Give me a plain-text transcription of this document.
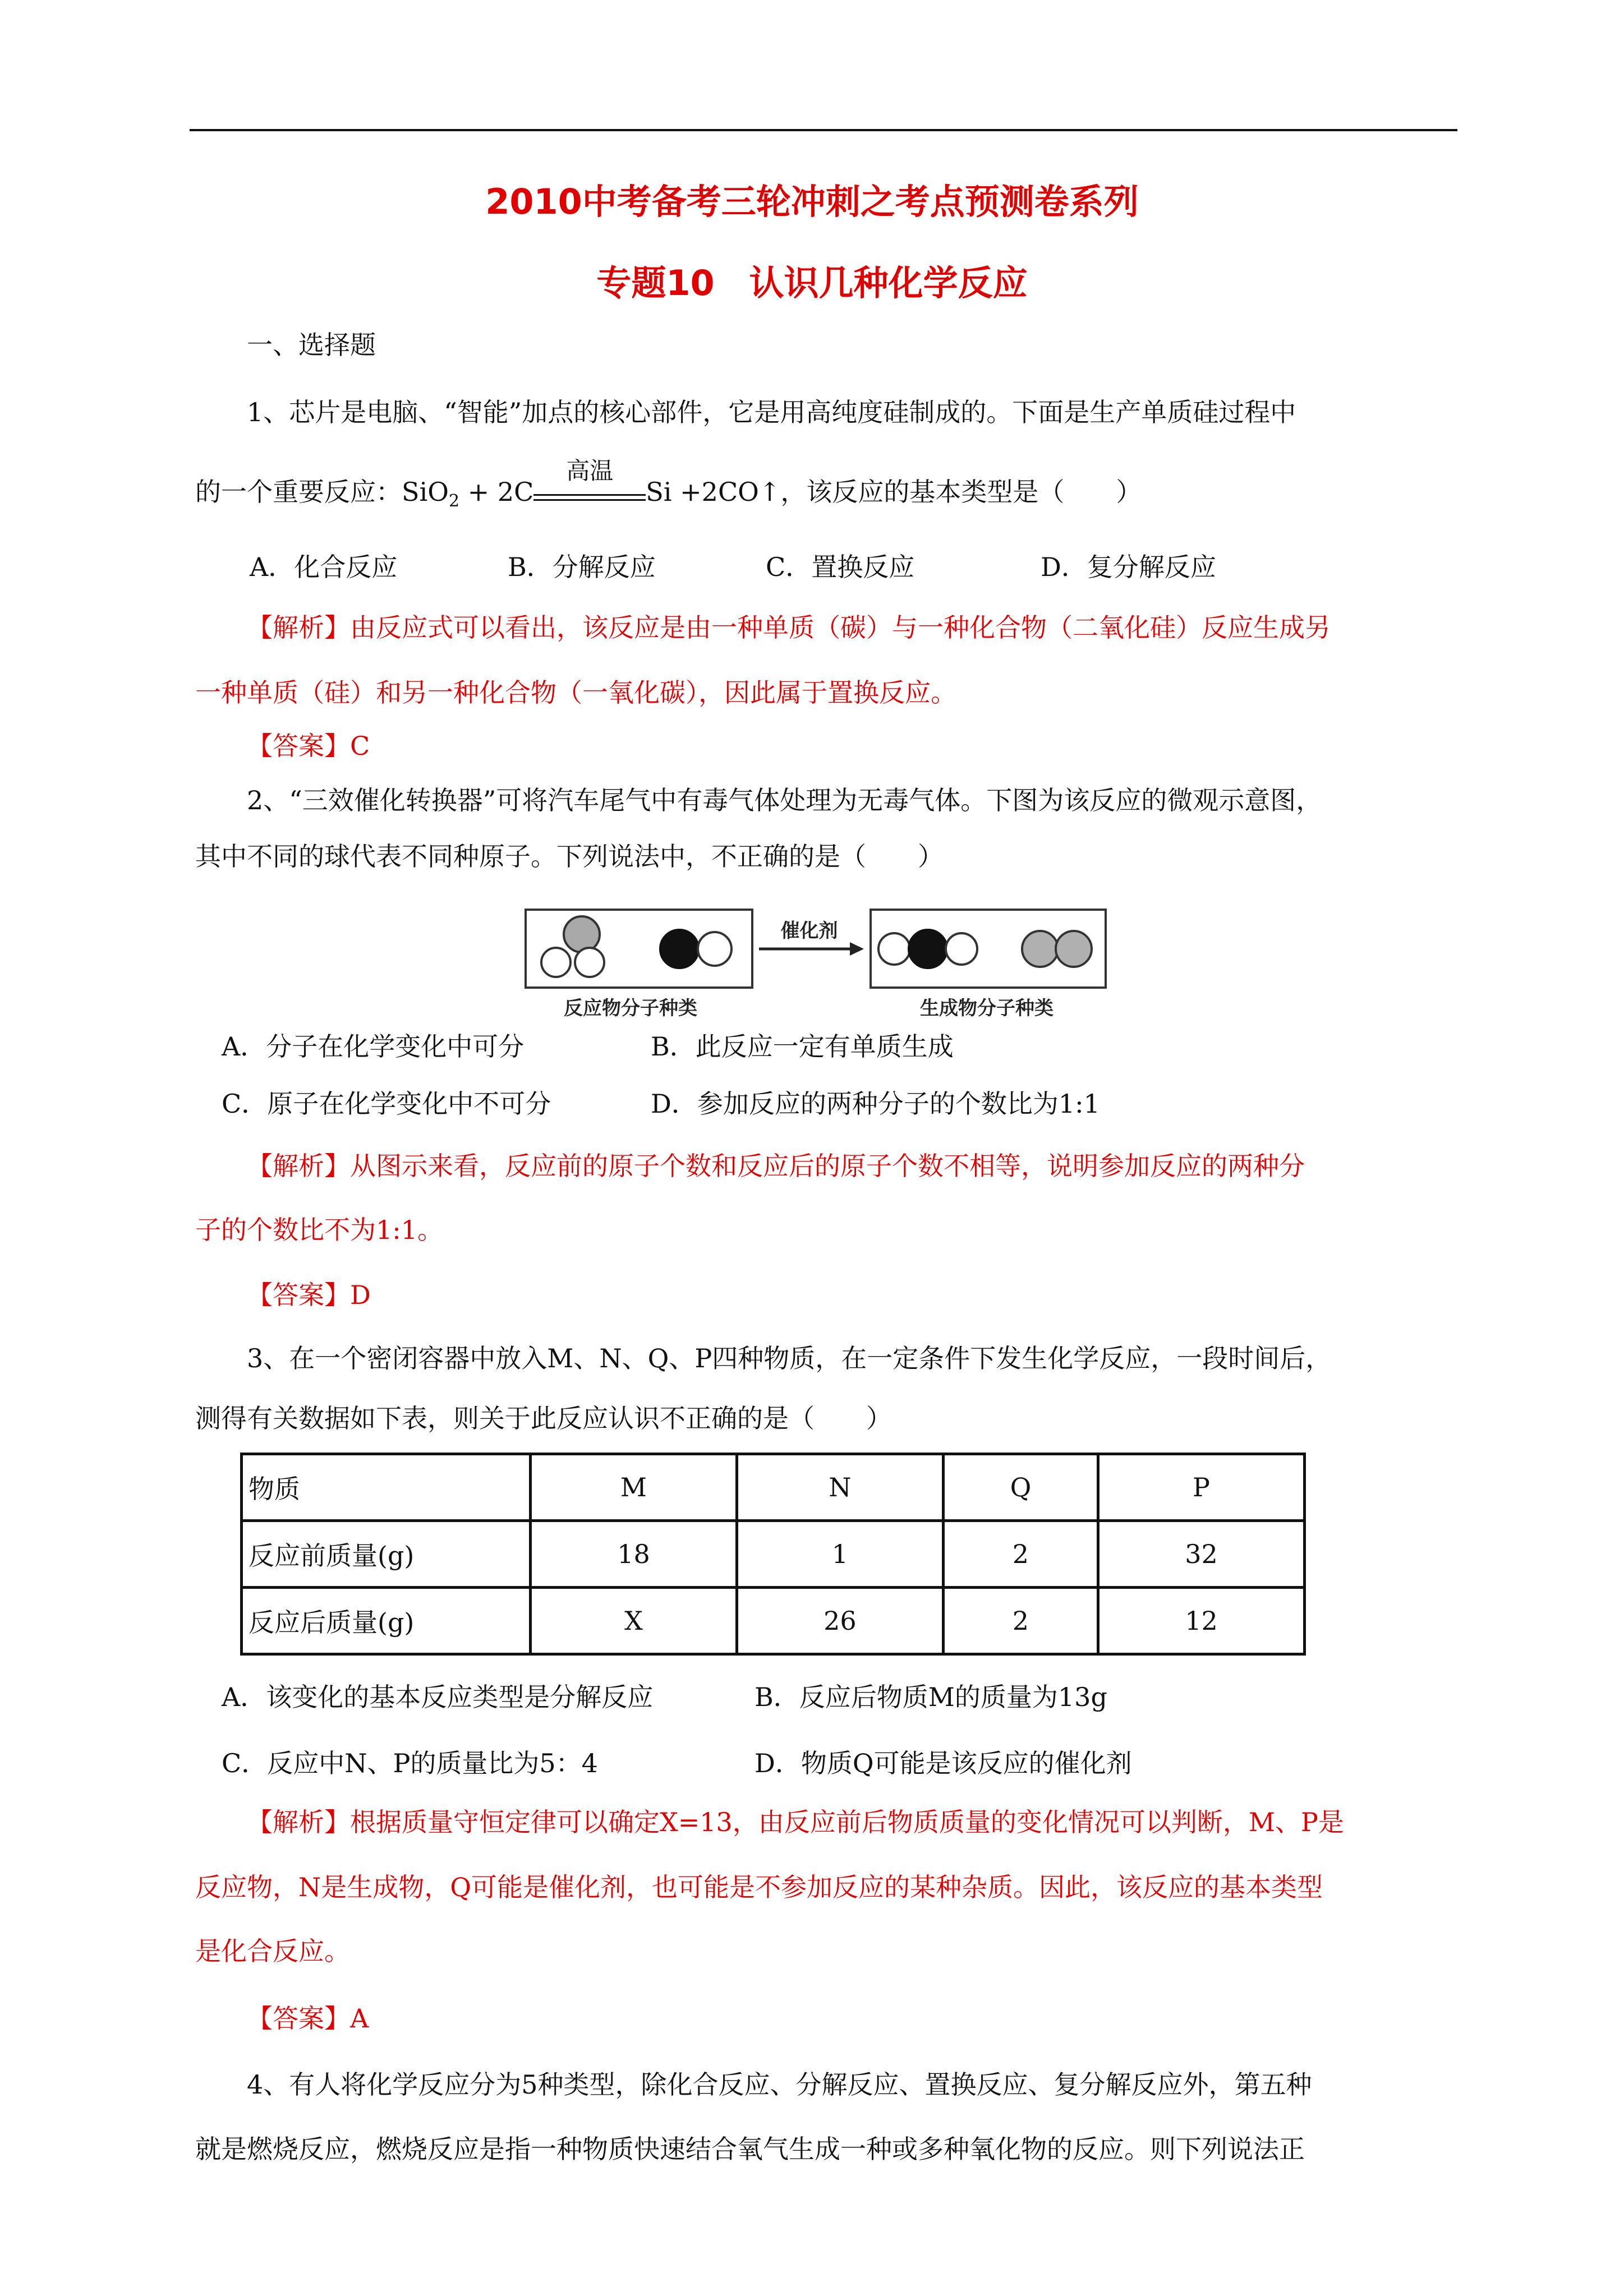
2010中考备考三轮冲刺之考点预测卷系列
专题10　认识几种化学反应
一、选择题
1、芯片是电脑、“智能”加点的核心部件，它是用高纯度硅制成的。下面是生产单质硅过程中
的一个重要反应：SiO$_2$ + 2C
高温
Si +2CO↑，该反应的基本类型是（　　）
A．化合反应	B．分解反应	C．置换反应	D．复分解反应
【解析】由反应式可以看出，该反应是由一种单质（碳）与一种化合物（二氧化硅）反应生成另
一种单质（硅）和另一种化合物（一氧化碳），因此属于置换反应。
【答案】C
2、“三效催化转换器”可将汽车尾气中有毒气体处理为无毒气体。下图为该反应的微观示意图，
其中不同的球代表不同种原子。下列说法中，不正确的是（　　）
催化剂
反应物分子种类	生成物分子种类
A．分子在化学变化中可分	B．此反应一定有单质生成
C．原子在化学变化中不可分	D．参加反应的两种分子的个数比为1:1
【解析】从图示来看，反应前的原子个数和反应后的原子个数不相等，说明参加反应的两种分
子的个数比不为1:1。
【答案】D
3、在一个密闭容器中放入M、N、Q、P四种物质，在一定条件下发生化学反应，一段时间后，
测得有关数据如下表，则关于此反应认识不正确的是（　　）
物质	M	N	Q	P
反应前质量(g)	18	1	2	32
反应后质量(g)	X	26	2	12
A．该变化的基本反应类型是分解反应	B．反应后物质M的质量为13g
C．反应中N、P的质量比为5：4	D．物质Q可能是该反应的催化剂
【解析】根据质量守恒定律可以确定X=13，由反应前后物质质量的变化情况可以判断，M、P是
反应物，N是生成物，Q可能是催化剂，也可能是不参加反应的某种杂质。因此，该反应的基本类型
是化合反应。
【答案】A
4、有人将化学反应分为5种类型，除化合反应、分解反应、置换反应、复分解反应外，第五种
就是燃烧反应，燃烧反应是指一种物质快速结合氧气生成一种或多种氧化物的反应。则下列说法正
